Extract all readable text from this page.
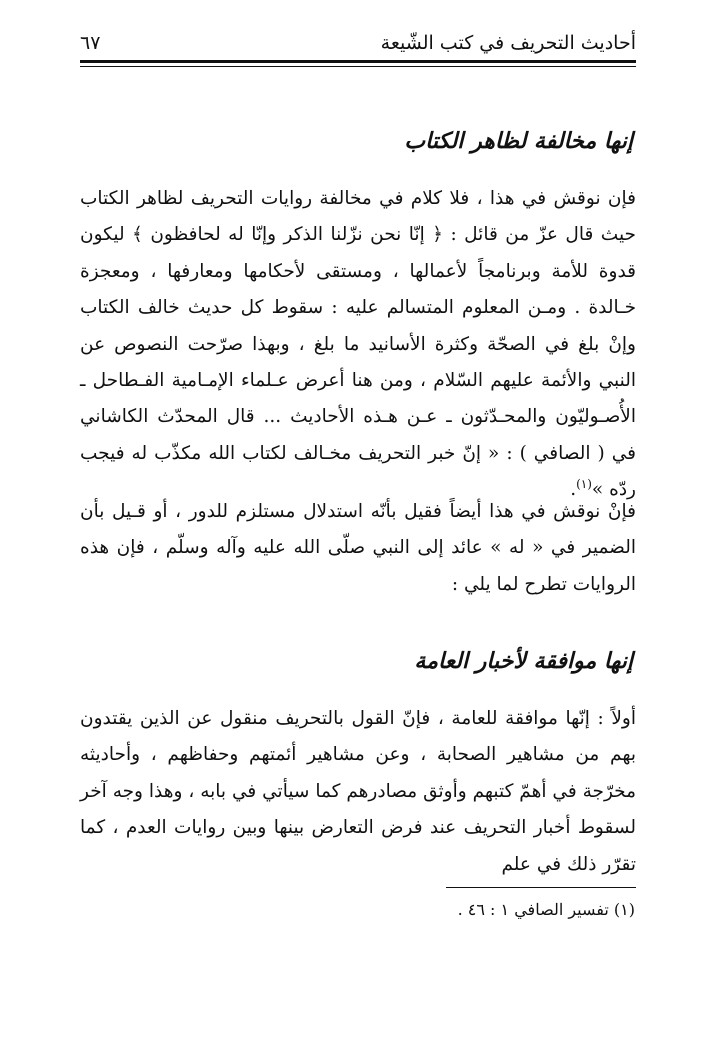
أحاديث التحريف في كتب الشّيعة
٦٧
إنها مخالفة لظاهر الكتاب
فإن نوقش في هذا ، فلا كلام في مخالفة روايات التحريف لظاهر الكتاب حيث قال عزّ من قائل : ﴿ إنّا نحن نزّلنا الذكر وإنّا له لحافظون ﴾ ليكون قدوة للأمة وبرنامجاً لأعمالها ، ومستقى لأحكامها ومعارفها ، ومعجزة خـالدة . ومـن المعلوم المتسالم عليه : سقوط كل حديث خالف الكتاب وإنْ بلغ في الصحّة وكثرة الأسانيد ما بلغ ، وبهذا صرّحت النصوص عن النبي والأئمة عليهم السّلام ، ومن هنا أعرض عـلماء الإمـامية الفـطاحل ـ الأُصـوليّون والمحـدّثون ـ عـن هـذه الأحاديث ... قال المحدّث الكاشاني في ( الصافي ) : « إنّ خبر التحريف مخـالف لكتاب الله مكذّب له فيجب ردّه »$^{(١)}$.
فإنْ نوقش في هذا أيضاً فقيل بأنّه استدلال مستلزم للدور ، أو قـيل بأن الضمير في « له » عائد إلى النبي صلّى الله عليه وآله وسلّم ، فإن هذه الروايات تطرح لما يلي :
إنها موافقة لأخبار العامة
أولاً : إنّها موافقة للعامة ، فإنّ القول بالتحريف منقول عن الذين يقتدون بهم من مشاهير الصحابة ، وعن مشاهير أئمتهم وحفاظهم ، وأحاديثه مخرّجة في أهمّ كتبهم وأوثق مصادرهم كما سيأتي في بابه ، وهذا وجه آخر لسقوط أخبار التحريف عند فرض التعارض بينها وبين روايات العدم ، كما تقرّر ذلك في علم
(١) تفسير الصافي ١ : ٤٦ .
